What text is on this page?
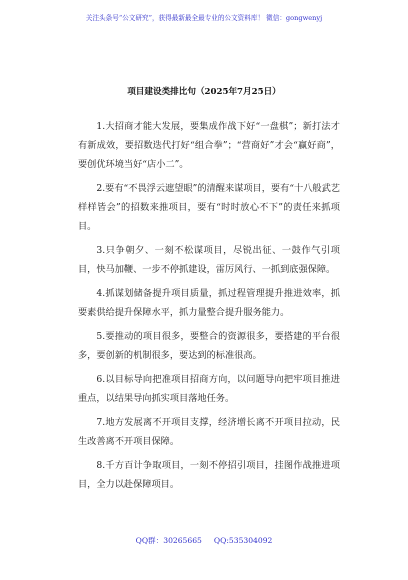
关注头条号“公文研究”，获得最新最全最专业的公文资料库！ 微信：gongwenyj
项目建设类排比句（2025年7月25日）

1.大招商才能大发展，要集成作战下好“一盘棋”；新打法才有新成效，要招数迭代打好“组合拳”；“营商好”才会“赢好商”，要创优环境当好“店小二”。

2.要有“不畏浮云遮望眼”的清醒来谋项目，要有“十八般武艺样样皆会”的招数来推项目，要有“时时放心不下”的责任来抓项目。

3.只争朝夕、一刻不松谋项目，尽锐出征、一鼓作气引项目，快马加鞭、一步不停抓建设，雷厉风行、一抓到底强保障。

4.抓谋划储备提升项目质量，抓过程管理提升推进效率，抓要素供给提升保障水平，抓力量整合提升服务能力。

5.要推动的项目很多，要整合的资源很多，要搭建的平台很多，要创新的机制很多，要达到的标准很高。

6.以目标导向把准项目招商方向，以问题导向把牢项目推进重点，以结果导向抓实项目落地任务。

7.地方发展离不开项目支撑，经济增长离不开项目拉动，民生改善离不开项目保障。

8.千方百计争取项目，一刻不停招引项目，挂图作战推进项目，全力以赴保障项目。

QQ群：30265665 QQ:535304092
